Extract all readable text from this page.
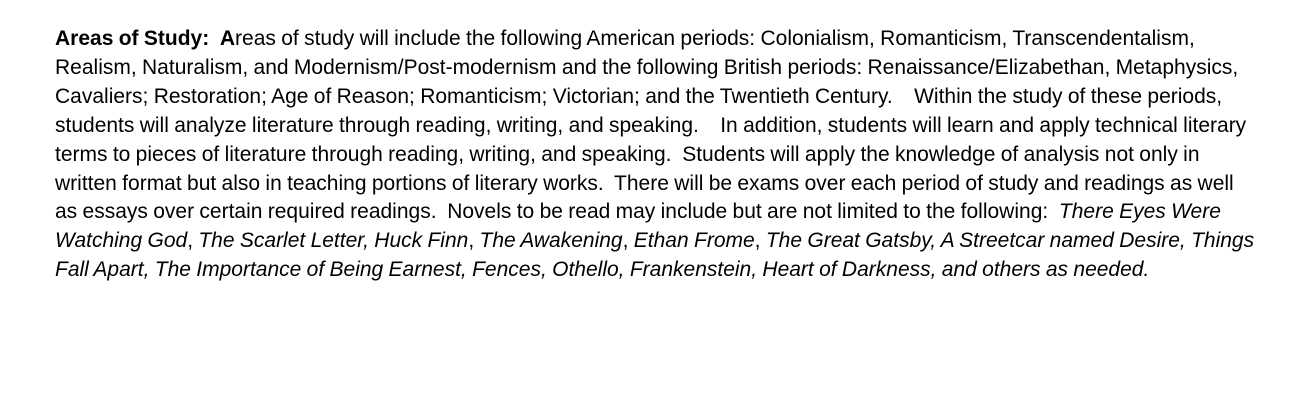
Areas of Study: Areas of study will include the following American periods: Colonialism, Romanticism, Transcendentalism, Realism, Naturalism, and Modernism/Post-modernism and the following British periods: Renaissance/Elizabethan, Metaphysics, Cavaliers; Restoration; Age of Reason; Romanticism; Victorian; and the Twentieth Century. Within the study of these periods, students will analyze literature through reading, writing, and speaking. In addition, students will learn and apply technical literary terms to pieces of literature through reading, writing, and speaking. Students will apply the knowledge of analysis not only in written format but also in teaching portions of literary works. There will be exams over each period of study and readings as well as essays over certain required readings. Novels to be read may include but are not limited to the following: There Eyes Were Watching God, The Scarlet Letter, Huck Finn, The Awakening, Ethan Frome, The Great Gatsby, A Streetcar named Desire, Things Fall Apart, The Importance of Being Earnest, Fences, Othello, Frankenstein, Heart of Darkness, and others as needed.
